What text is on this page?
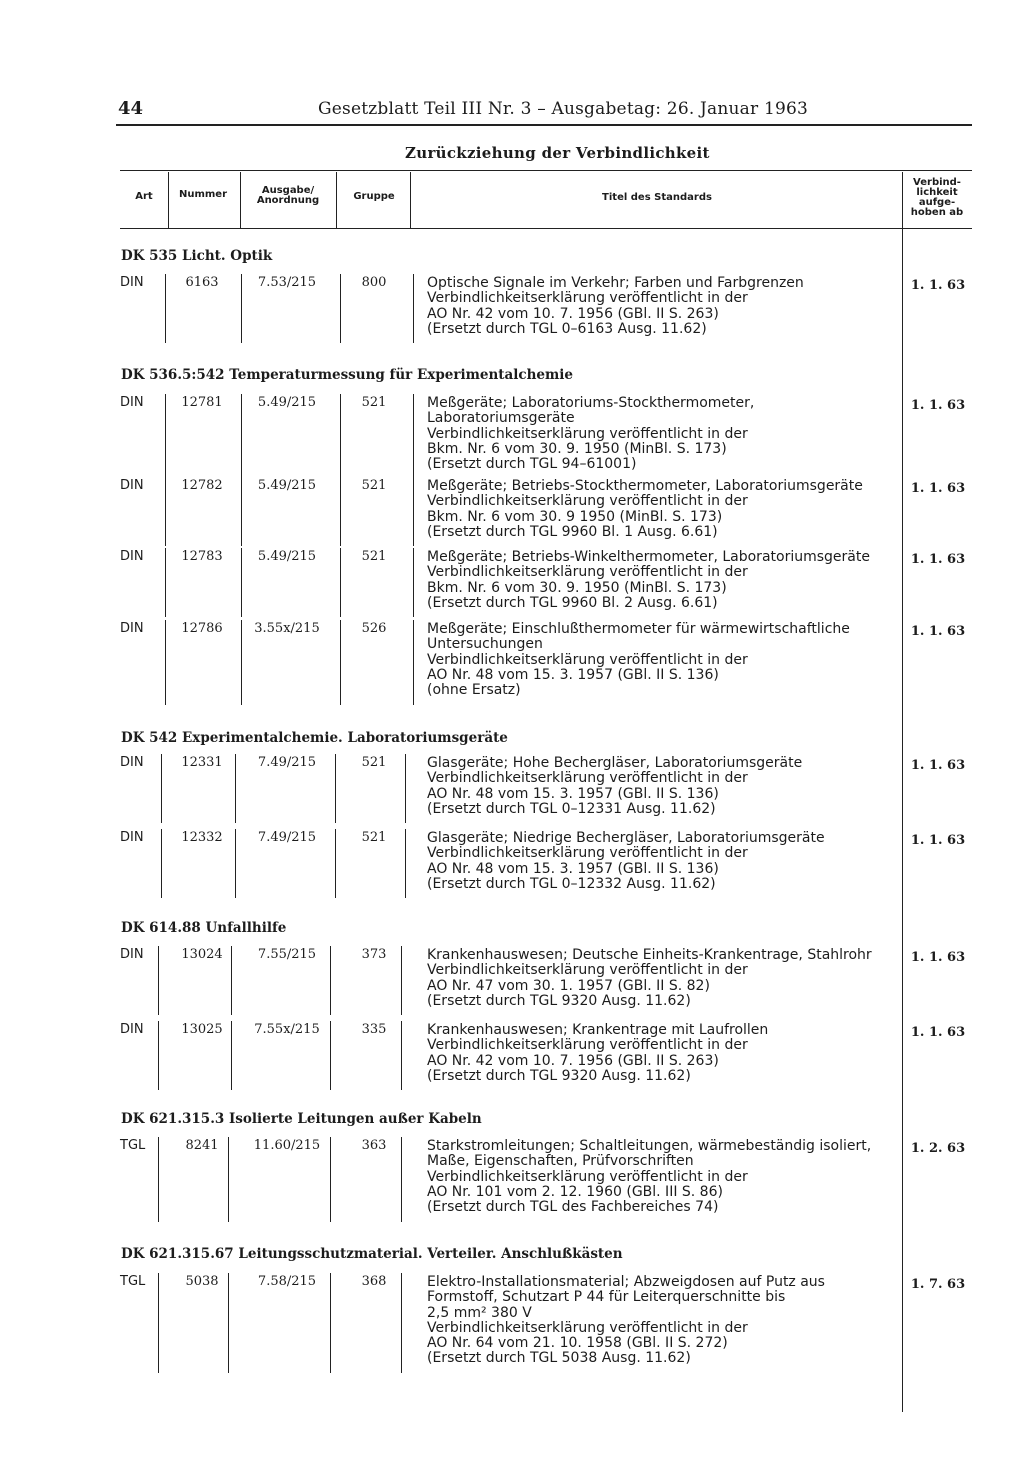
44	Gesetzblatt Teil III Nr. 3 – Ausgabetag: 26. Januar 1963
Zurückziehung der Verbindlichkeit
Art	Nummer	Ausgabe/ Anordnung	Gruppe	Titel des Standards
Verbind- lichkeit aufge- hoben ab
DK 535 Licht. Optik
DIN	6163	7.53/215	800	Optische Signale im Verkehr; Farben und Farbgrenzen
Verbindlichkeitserklärung veröffentlicht in der
AO Nr. 42 vom 10. 7. 1956 (GBl. II S. 263)
(Ersetzt durch TGL 0–6163 Ausg. 11.62)
1. 1. 63
DK 536.5:542 Temperaturmessung für Experimentalchemie
DIN	12781	5.49/215	521	Meßgeräte; Laboratoriums-Stockthermometer,
Laboratoriumsgeräte
Verbindlichkeitserklärung veröffentlicht in der
Bkm. Nr. 6 vom 30. 9. 1950 (MinBl. S. 173)
(Ersetzt durch TGL 94–61001)
1. 1. 63
DIN	12782	5.49/215	521	Meßgeräte; Betriebs-Stockthermometer, Laboratoriumsgeräte
Verbindlichkeitserklärung veröffentlicht in der
Bkm. Nr. 6 vom 30. 9 1950 (MinBl. S. 173)
(Ersetzt durch TGL 9960 Bl. 1 Ausg. 6.61)
1. 1. 63
DIN	12783	5.49/215	521	Meßgeräte; Betriebs-Winkelthermometer, Laboratoriumsgeräte
Verbindlichkeitserklärung veröffentlicht in der
Bkm. Nr. 6 vom 30. 9. 1950 (MinBl. S. 173)
(Ersetzt durch TGL 9960 Bl. 2 Ausg. 6.61)
1. 1. 63
DIN	12786	3.55x/215	526	Meßgeräte; Einschlußthermometer für wärmewirtschaftliche
Untersuchungen
Verbindlichkeitserklärung veröffentlicht in der
AO Nr. 48 vom 15. 3. 1957 (GBl. II S. 136)
(ohne Ersatz)
1. 1. 63
DK 542 Experimentalchemie. Laboratoriumsgeräte
DIN	12331	7.49/215	521	Glasgeräte; Hohe Bechergläser, Laboratoriumsgeräte
Verbindlichkeitserklärung veröffentlicht in der
AO Nr. 48 vom 15. 3. 1957 (GBl. II S. 136)
(Ersetzt durch TGL 0–12331 Ausg. 11.62)
1. 1. 63
DIN	12332	7.49/215	521	Glasgeräte; Niedrige Bechergläser, Laboratoriumsgeräte
Verbindlichkeitserklärung veröffentlicht in der
AO Nr. 48 vom 15. 3. 1957 (GBl. II S. 136)
(Ersetzt durch TGL 0–12332 Ausg. 11.62)
1. 1. 63
DK 614.88 Unfallhilfe
DIN	13024	7.55/215	373	Krankenhauswesen; Deutsche Einheits-Krankentrage, Stahlrohr
Verbindlichkeitserklärung veröffentlicht in der
AO Nr. 47 vom 30. 1. 1957 (GBl. II S. 82)
(Ersetzt durch TGL 9320 Ausg. 11.62)
1. 1. 63
DIN	13025	7.55x/215	335	Krankenhauswesen; Krankentrage mit Laufrollen
Verbindlichkeitserklärung veröffentlicht in der
AO Nr. 42 vom 10. 7. 1956 (GBl. II S. 263)
(Ersetzt durch TGL 9320 Ausg. 11.62)
1. 1. 63
DK 621.315.3 Isolierte Leitungen außer Kabeln
TGL	8241	11.60/215	363	Starkstromleitungen; Schaltleitungen, wärmebeständig isoliert,
Maße, Eigenschaften, Prüfvorschriften
Verbindlichkeitserklärung veröffentlicht in der
AO Nr. 101 vom 2. 12. 1960 (GBl. III S. 86)
(Ersetzt durch TGL des Fachbereiches 74)
1. 2. 63
DK 621.315.67 Leitungsschutzmaterial. Verteiler. Anschlußkästen
TGL	5038	7.58/215	368	Elektro-Installationsmaterial; Abzweigdosen auf Putz aus
Formstoff, Schutzart P 44 für Leiterquerschnitte bis
2,5 mm² 380 V
Verbindlichkeitserklärung veröffentlicht in der
AO Nr. 64 vom 21. 10. 1958 (GBl. II S. 272)
(Ersetzt durch TGL 5038 Ausg. 11.62)
1. 7. 63
